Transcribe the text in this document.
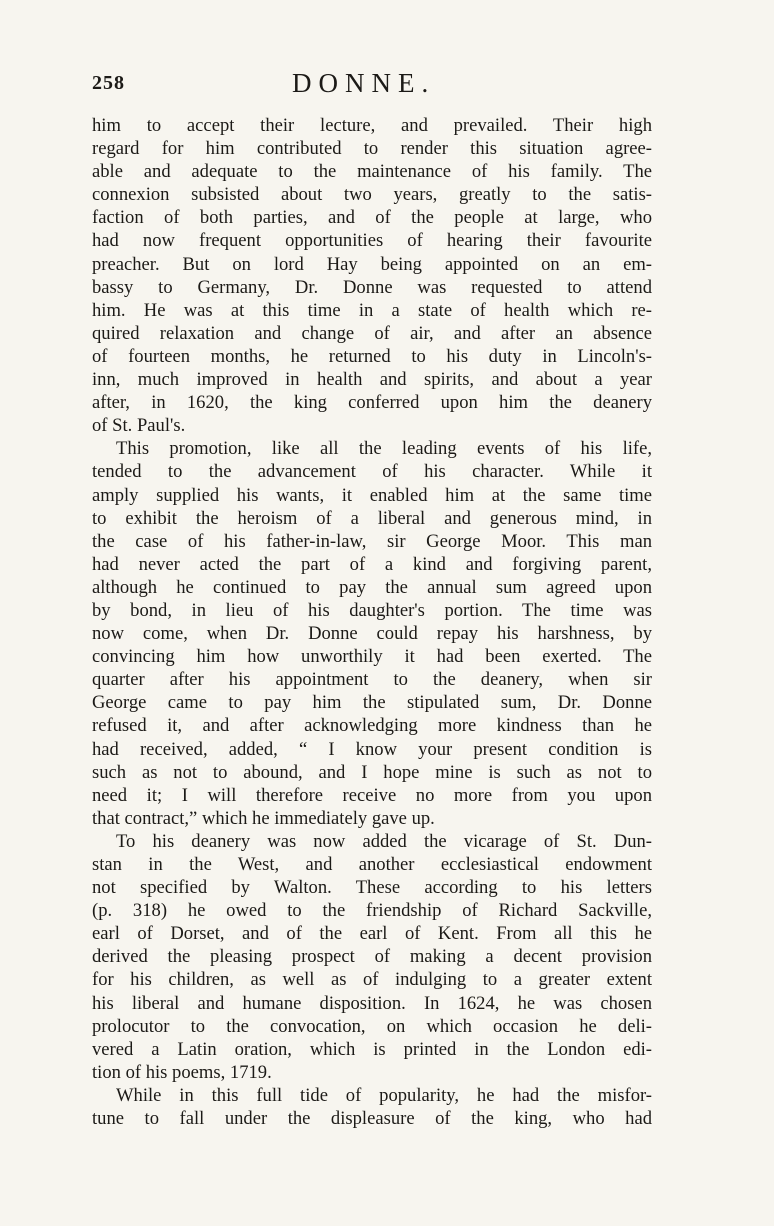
258	DONNE.
him to accept their lecture, and prevailed. Their high
regard for him contributed to render this situation agree-
able and adequate to the maintenance of his family. The
connexion subsisted about two years, greatly to the satis-
faction of both parties, and of the people at large, who
had now frequent opportunities of hearing their favourite
preacher. But on lord Hay being appointed on an em-
bassy to Germany, Dr. Donne was requested to attend
him. He was at this time in a state of health which re-
quired relaxation and change of air, and after an absence
of fourteen months, he returned to his duty in Lincoln's-
inn, much improved in health and spirits, and about a year
after, in 1620, the king conferred upon him the deanery
of St. Paul's.
This promotion, like all the leading events of his life,
tended to the advancement of his character. While it
amply supplied his wants, it enabled him at the same time
to exhibit the heroism of a liberal and generous mind, in
the case of his father-in-law, sir George Moor. This man
had never acted the part of a kind and forgiving parent,
although he continued to pay the annual sum agreed upon
by bond, in lieu of his daughter's portion. The time was
now come, when Dr. Donne could repay his harshness, by
convincing him how unworthily it had been exerted. The
quarter after his appointment to the deanery, when sir
George came to pay him the stipulated sum, Dr. Donne
refused it, and after acknowledging more kindness than he
had received, added, “ I know your present condition is
such as not to abound, and I hope mine is such as not to
need it; I will therefore receive no more from you upon
that contract,” which he immediately gave up.
To his deanery was now added the vicarage of St. Dun-
stan in the West, and another ecclesiastical endowment
not specified by Walton. These according to his letters
(p. 318) he owed to the friendship of Richard Sackville,
earl of Dorset, and of the earl of Kent. From all this he
derived the pleasing prospect of making a decent provision
for his children, as well as of indulging to a greater extent
his liberal and humane disposition. In 1624, he was chosen
prolocutor to the convocation, on which occasion he deli-
vered a Latin oration, which is printed in the London edi-
tion of his poems, 1719.
While in this full tide of popularity, he had the misfor-
tune to fall under the displeasure of the king, who had
